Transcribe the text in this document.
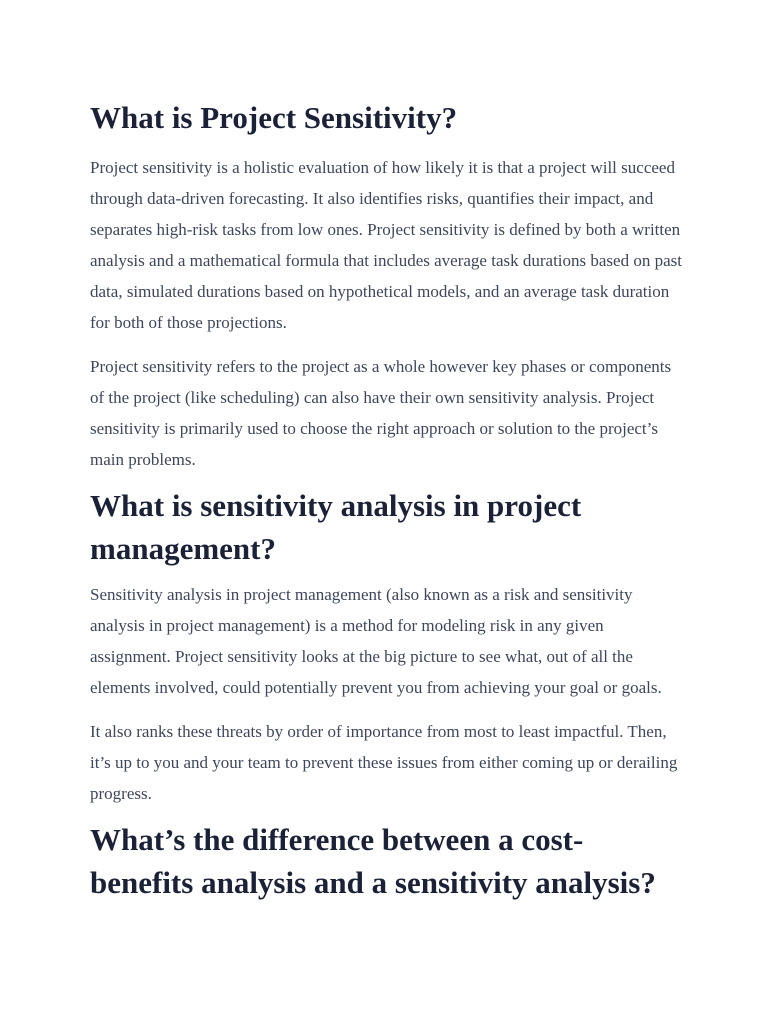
What is Project Sensitivity?

Project sensitivity is a holistic evaluation of how likely it is that a project will succeed through data-driven forecasting. It also identifies risks, quantifies their impact, and separates high-risk tasks from low ones. Project sensitivity is defined by both a written analysis and a mathematical formula that includes average task durations based on past data, simulated durations based on hypothetical models, and an average task duration for both of those projections.

Project sensitivity refers to the project as a whole however key phases or components of the project (like scheduling) can also have their own sensitivity analysis. Project sensitivity is primarily used to choose the right approach or solution to the project’s main problems.

What is sensitivity analysis in project management?

Sensitivity analysis in project management (also known as a risk and sensitivity analysis in project management) is a method for modeling risk in any given assignment. Project sensitivity looks at the big picture to see what, out of all the elements involved, could potentially prevent you from achieving your goal or goals.

It also ranks these threats by order of importance from most to least impactful. Then, it’s up to you and your team to prevent these issues from either coming up or derailing progress.

What’s the difference between a cost-benefits analysis and a sensitivity analysis?
